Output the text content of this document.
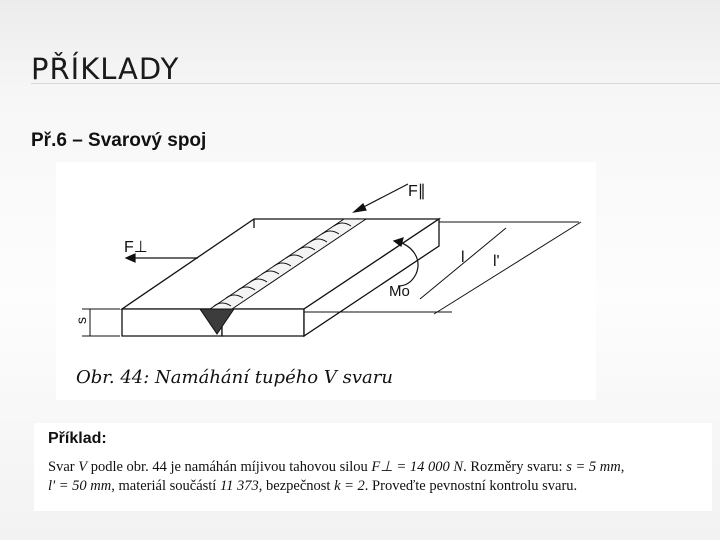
PŘÍKLADY
Př.6 – Svarový spoj
F∥
F⊥
Mo
l l'
s
Obr. 44: Namáhání tupého V svaru
Příklad:
Svar V podle obr. 44 je namáhán míjivou tahovou silou F⊥ = 14 000 N. Rozměry svaru: s = 5 mm,
l' = 50 mm, materiál součástí 11 373, bezpečnost k = 2. Proveďte pevnostní kontrolu svaru.
